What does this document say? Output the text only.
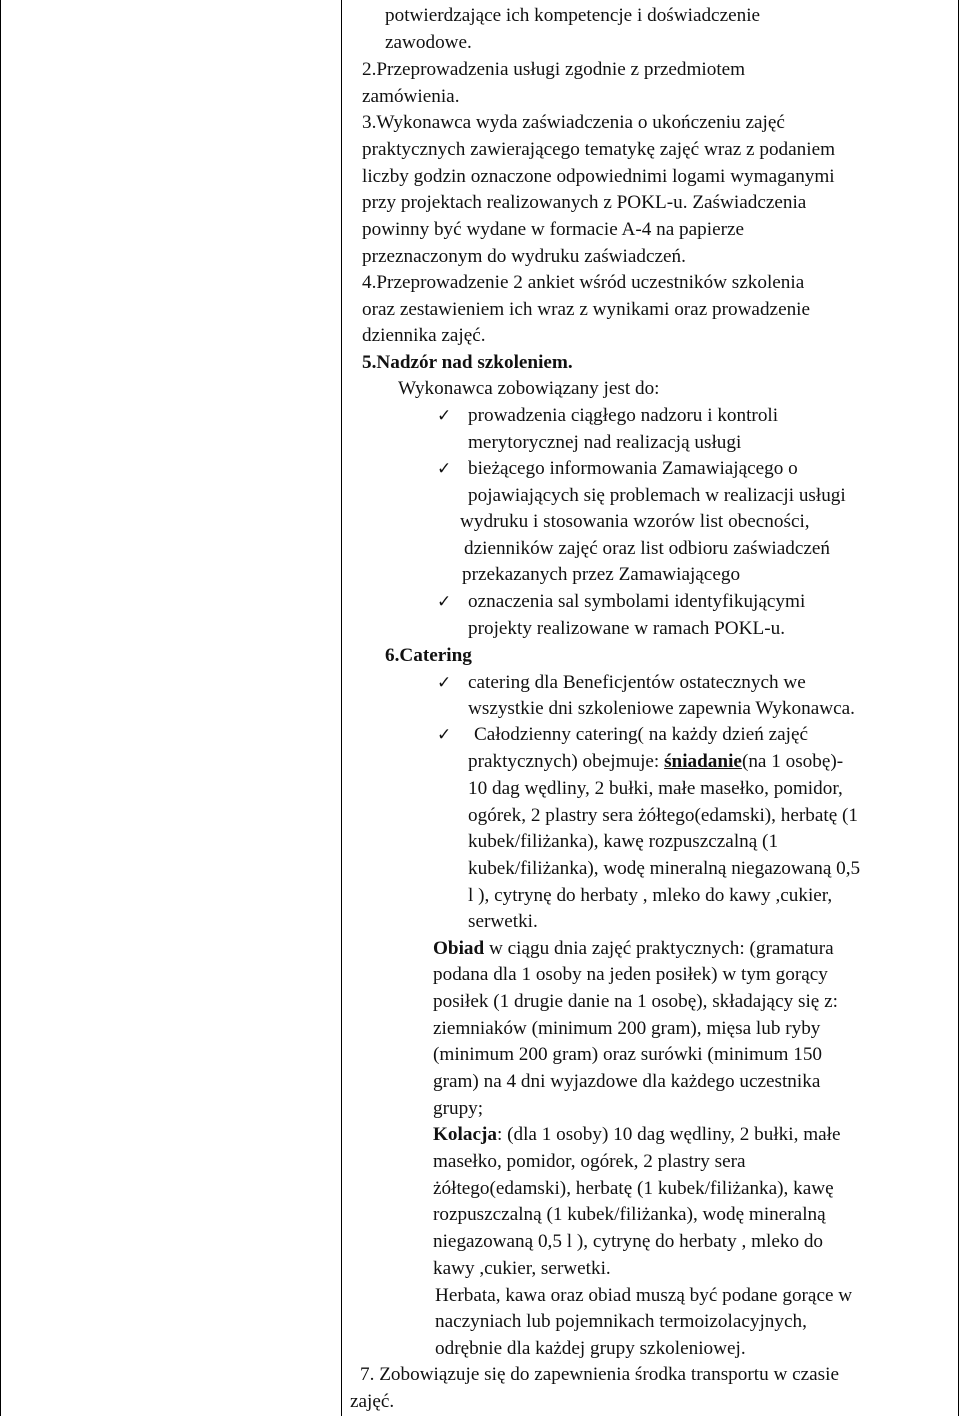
potwierdzające ich kompetencje i doświadczenie
zawodowe.
2.Przeprowadzenia usługi zgodnie z przedmiotem
zamówienia.
3.Wykonawca wyda zaświadczenia o ukończeniu zajęć
praktycznych zawierającego tematykę zajęć wraz z podaniem
liczby godzin oznaczone odpowiednimi logami wymaganymi
przy projektach realizowanych z POKL-u. Zaświadczenia
powinny być wydane w formacie A-4 na papierze
przeznaczonym do wydruku zaświadczeń.
4.Przeprowadzenie 2 ankiet wśród uczestników szkolenia
oraz zestawieniem ich wraz z wynikami oraz prowadzenie
dziennika zajęć.
5.Nadzór nad szkoleniem.
Wykonawca zobowiązany jest do:
✓ prowadzenia ciągłego nadzoru i kontroli
merytorycznej nad realizacją usługi
✓ bieżącego informowania Zamawiającego o
pojawiających się problemach w realizacji usługi
wydruku i stosowania wzorów list obecności,
dzienników zajęć oraz list odbioru zaświadczeń
przekazanych przez Zamawiającego
✓ oznaczenia sal symbolami identyfikującymi
projekty realizowane w ramach POKL-u.
6.Catering
✓ catering dla Beneficjentów ostatecznych we
wszystkie dni szkoleniowe zapewnia Wykonawca.
✓ Całodzienny catering( na każdy dzień zajęć
praktycznych) obejmuje: śniadanie(na 1 osobę)-
10 dag wędliny, 2 bułki, małe masełko, pomidor,
ogórek, 2 plastry sera żółtego(edamski), herbatę (1
kubek/filiżanka), kawę rozpuszczalną (1
kubek/filiżanka), wodę mineralną niegazowaną 0,5
l ), cytrynę do herbaty , mleko do kawy ,cukier,
serwetki.
Obiad w ciągu dnia zajęć praktycznych: (gramatura
podana dla 1 osoby na jeden posiłek) w tym gorący
posiłek (1 drugie danie na 1 osobę), składający się z:
ziemniaków (minimum 200 gram), mięsa lub ryby
(minimum 200 gram) oraz surówki (minimum 150
gram) na 4 dni wyjazdowe dla każdego uczestnika
grupy;
Kolacja: (dla 1 osoby) 10 dag wędliny, 2 bułki, małe
masełko, pomidor, ogórek, 2 plastry sera
żółtego(edamski), herbatę (1 kubek/filiżanka), kawę
rozpuszczalną (1 kubek/filiżanka), wodę mineralną
niegazowaną 0,5 l ), cytrynę do herbaty , mleko do
kawy ,cukier, serwetki.
Herbata, kawa oraz obiad muszą być podane gorące w
naczyniach lub pojemnikach termoizolacyjnych,
odrębnie dla każdej grupy szkoleniowej.
7. Zobowiązuje się do zapewnienia środka transportu w czasie
zajęć.
